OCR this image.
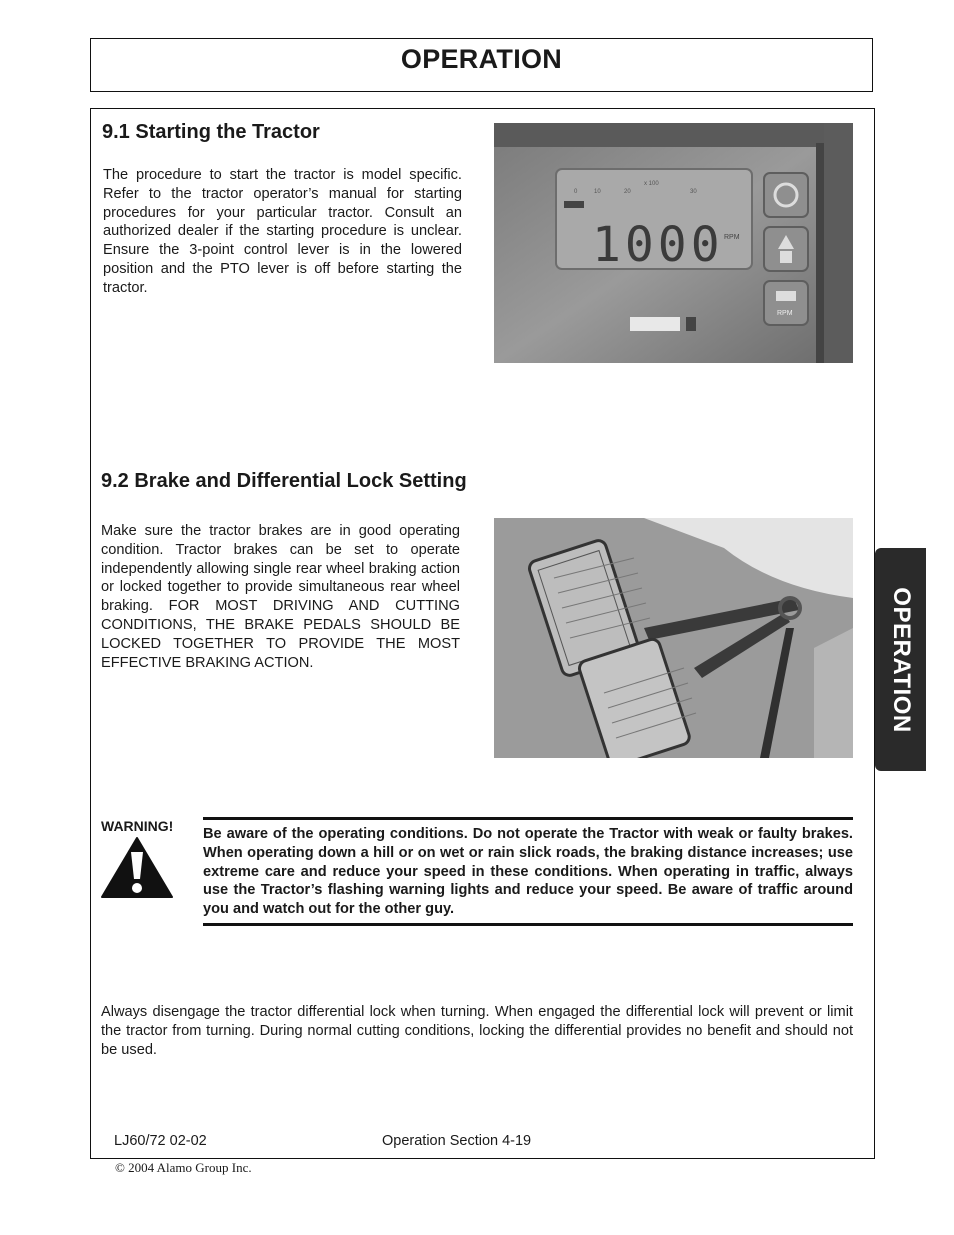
OPERATION
9.1 Starting the Tractor
The procedure to start the tractor is model specific. Refer to the tractor operator’s manual for starting procedures for your particular tractor. Consult an authorized dealer if the starting procedure is unclear. Ensure the 3-point control lever is in the lowered position and the PTO lever is off before starting the tractor.
0	10	20
x 100
30
1000 RPM
RPM
9.2 Brake and Differential Lock Setting
Make sure the tractor brakes are in good operating condition. Tractor brakes can be set to operate independently allowing single rear wheel braking action or locked together to provide simultaneous rear wheel braking. FOR MOST DRIVING AND CUTTING CONDITIONS, THE BRAKE PEDALS SHOULD BE LOCKED TOGETHER TO PROVIDE THE MOST EFFECTIVE BRAKING ACTION.	OPERATION
WARNING! Be aware of the operating conditions. Do not operate the Tractor with weak or faulty brakes. When operating down a hill or on wet or rain slick roads, the braking distance increases; use extreme care and reduce your speed in these conditions. When operating in traffic, always use the Tractor’s flashing warning lights and reduce your speed. Be aware of traffic around you and watch out for the other guy.
Always disengage the tractor differential lock when turning. When engaged the differential lock will prevent or limit the tractor from turning. During normal cutting conditions, locking the differential provides no benefit and should not be used.
LJ60/72 02-02	Operation Section 4-19
© 2004 Alamo Group Inc.
